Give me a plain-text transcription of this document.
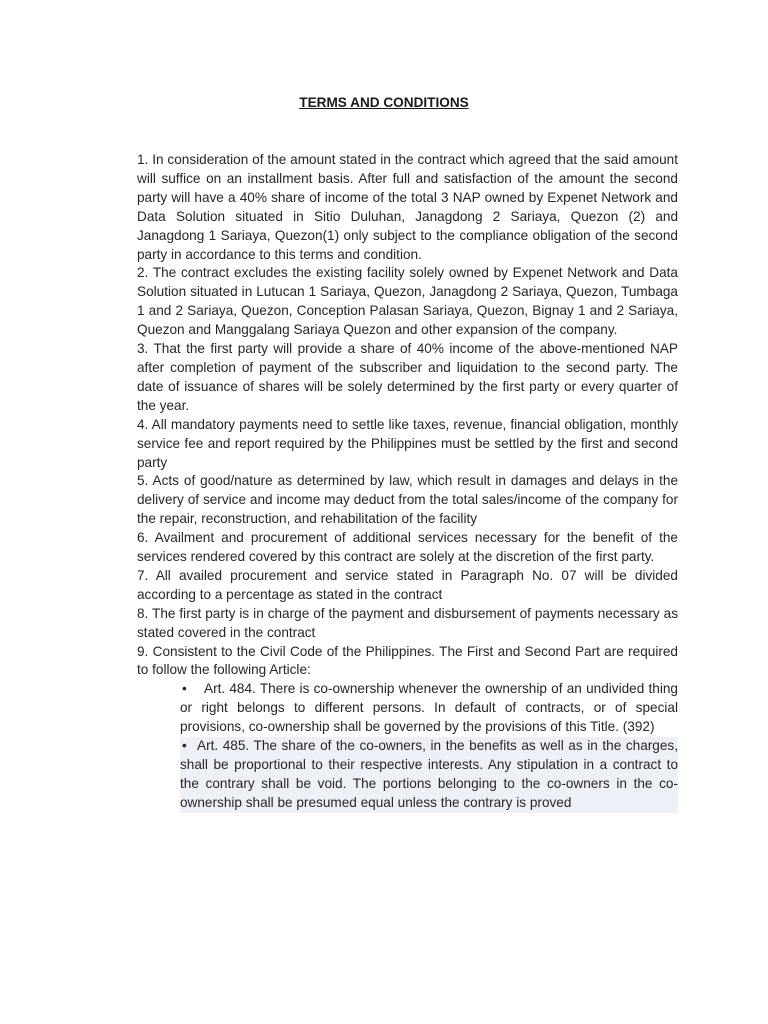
TERMS AND CONDITIONS

1. In consideration of the amount stated in the contract which agreed that the said amount will suffice on an installment basis. After full and satisfaction of the amount the second party will have a 40% share of income of the total 3 NAP owned by Expenet Network and Data Solution situated in Sitio Duluhan, Janagdong 2 Sariaya, Quezon (2) and Janagdong 1 Sariaya, Quezon(1) only subject to the compliance obligation of the second party in accordance to this terms and condition.

2. The contract excludes the existing facility solely owned by Expenet Network and Data Solution situated in Lutucan 1 Sariaya, Quezon, Janagdong 2 Sariaya, Quezon, Tumbaga 1 and 2 Sariaya, Quezon, Conception Palasan Sariaya, Quezon, Bignay 1 and 2 Sariaya, Quezon and Manggalang Sariaya Quezon and other expansion of the company.

3. That the first party will provide a share of 40% income of the above-mentioned NAP after completion of payment of the subscriber and liquidation to the second party. The date of issuance of shares will be solely determined by the first party or every quarter of the year.

4. All mandatory payments need to settle like taxes, revenue, financial obligation, monthly service fee and report required by the Philippines must be settled by the first and second party

5. Acts of good/nature as determined by law, which result in damages and delays in the delivery of service and income may deduct from the total sales/income of the company for the repair, reconstruction, and rehabilitation of the facility

6. Availment and procurement of additional services necessary for the benefit of the services rendered covered by this contract are solely at the discretion of the first party.

7. All availed procurement and service stated in Paragraph No. 07 will be divided according to a percentage as stated in the contract

8. The first party is in charge of the payment and disbursement of payments necessary as stated covered in the contract

9. Consistent to the Civil Code of the Philippines. The First and Second Part are required to follow the following Article:

• Art. 484. There is co-ownership whenever the ownership of an undivided thing or right belongs to different persons. In default of contracts, or of special provisions, co-ownership shall be governed by the provisions of this Title. (392)

• Art. 485. The share of the co-owners, in the benefits as well as in the charges, shall be proportional to their respective interests. Any stipulation in a contract to the contrary shall be void. The portions belonging to the co-owners in the co-ownership shall be presumed equal unless the contrary is proved
